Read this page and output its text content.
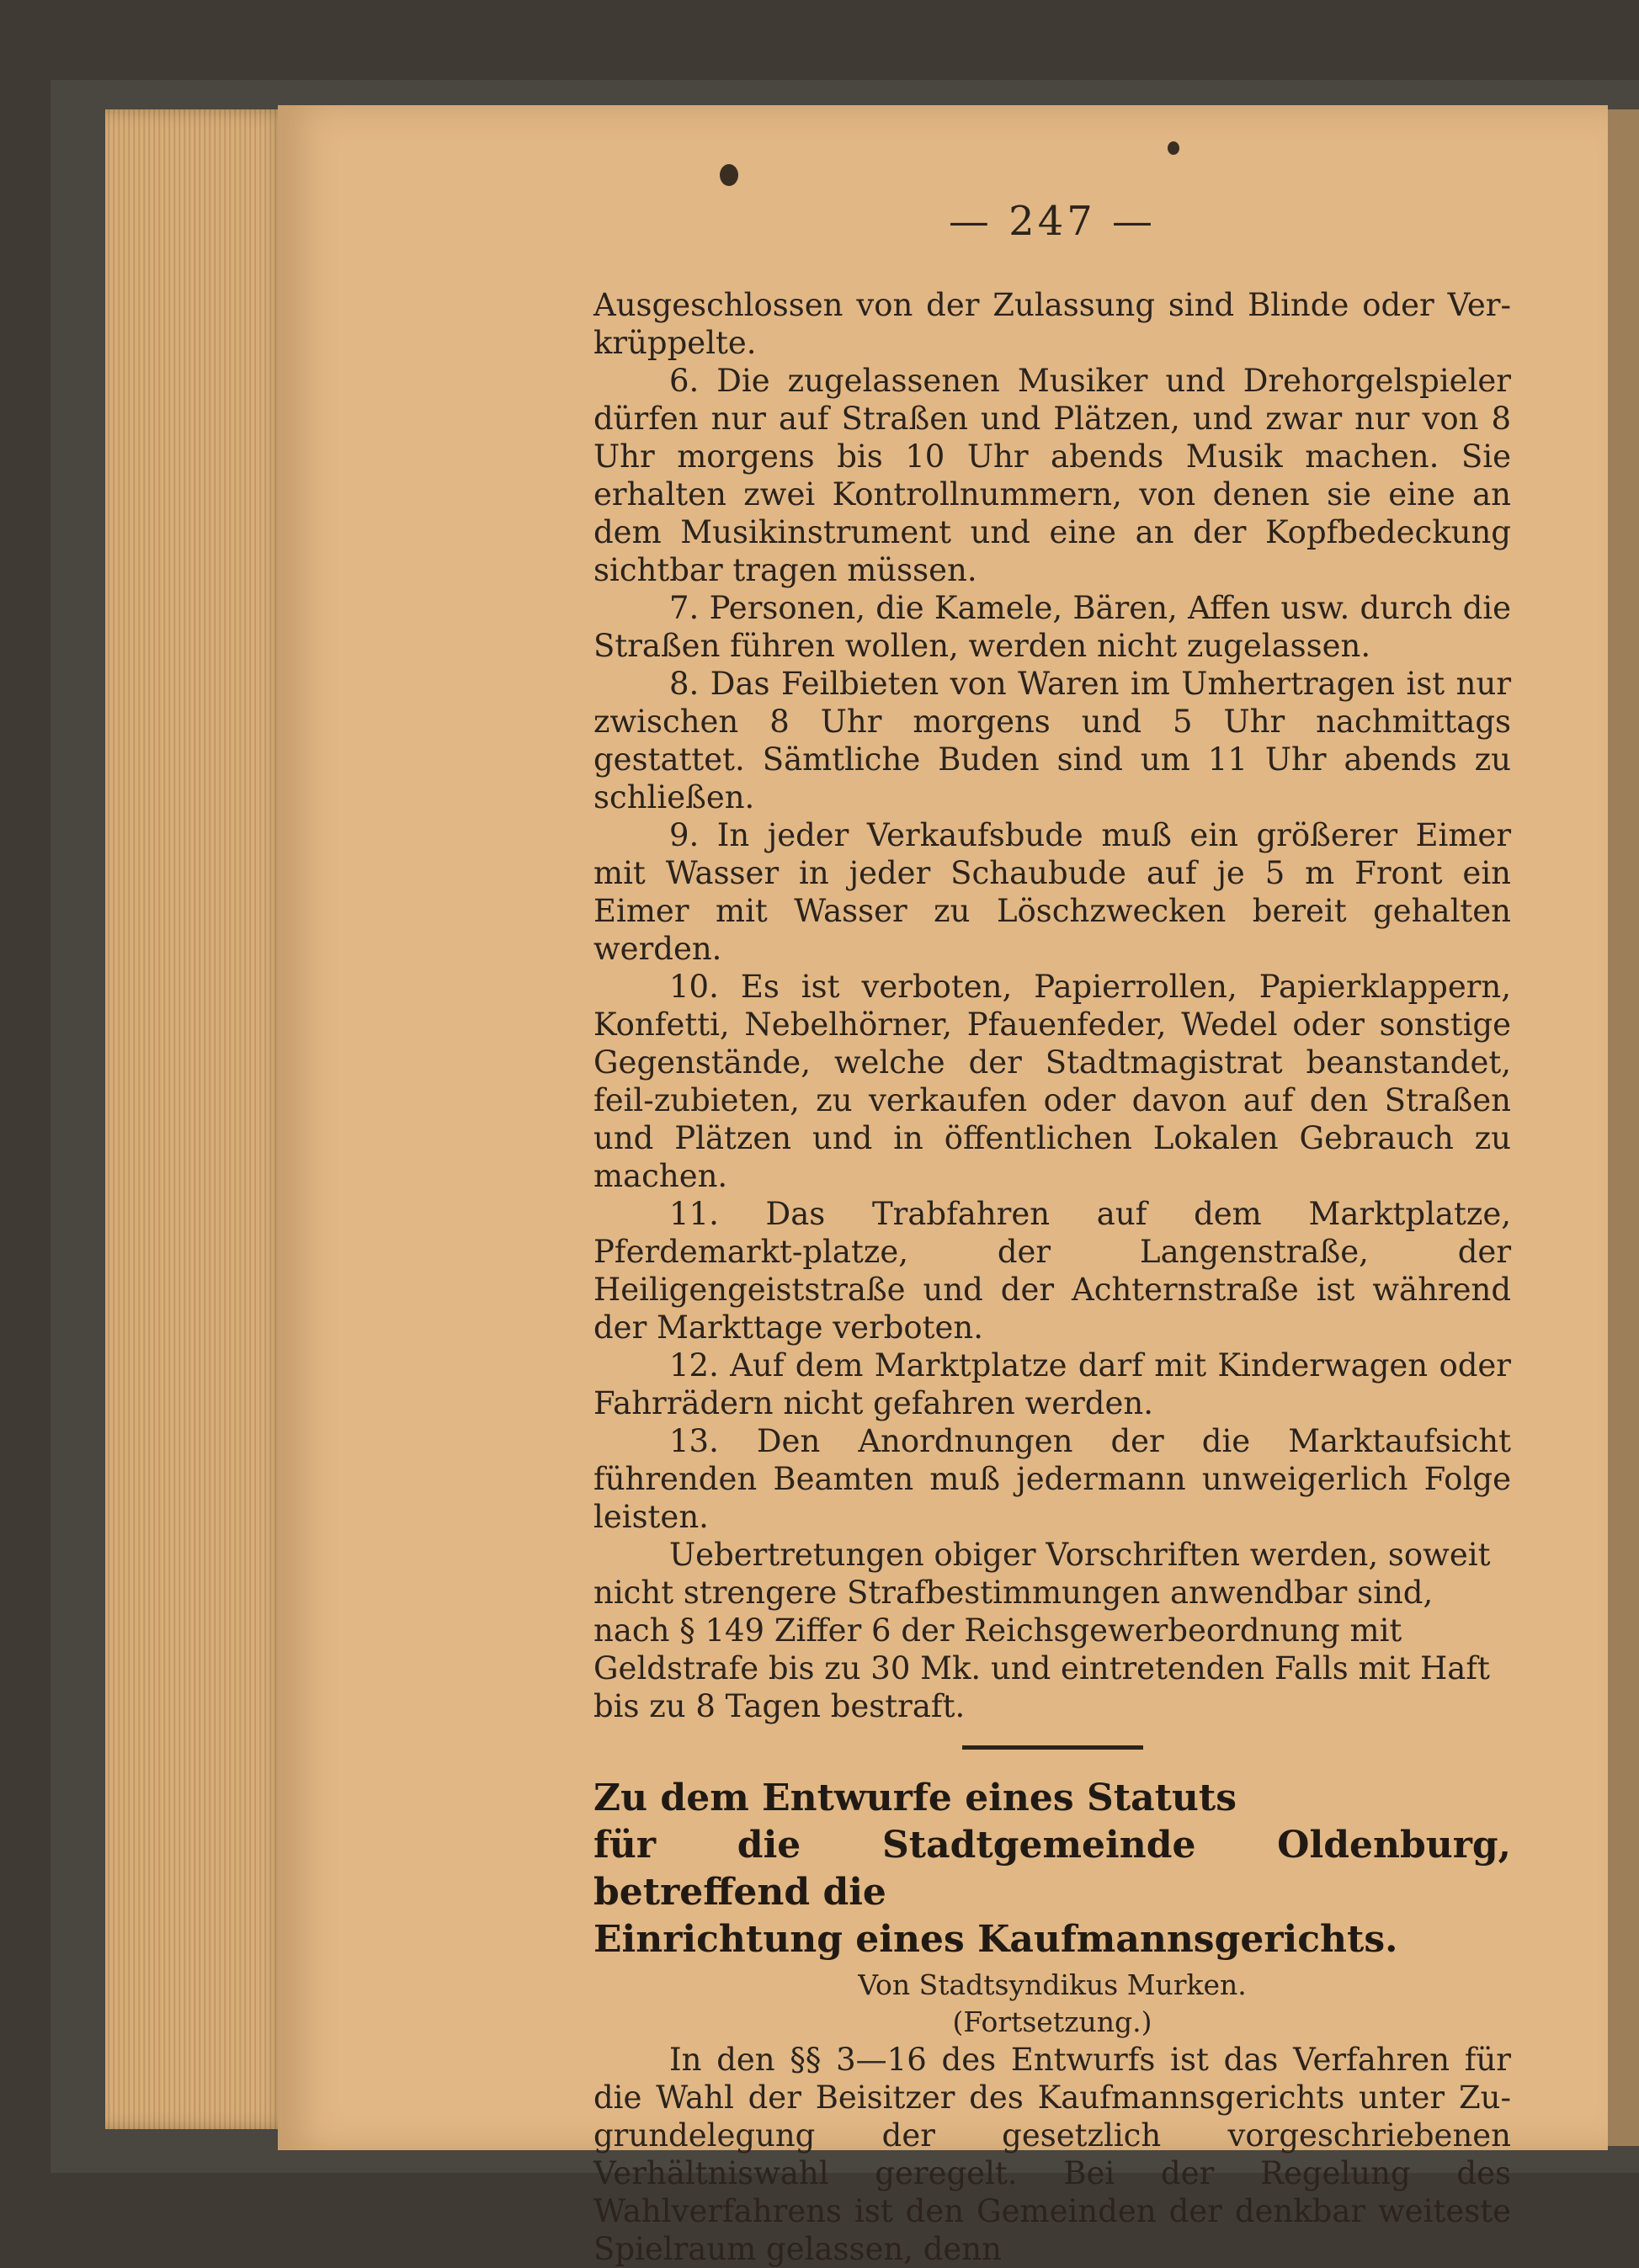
— 247 —

Ausgeschlossen von der Zulassung sind Blinde oder Ver-krüppelte.

6. Die zugelassenen Musiker und Drehorgelspieler dürfen nur auf Straßen und Plätzen, und zwar nur von 8 Uhr morgens bis 10 Uhr abends Musik machen. Sie erhalten zwei Kontrollnummern, von denen sie eine an dem Musikinstrument und eine an der Kopfbedeckung sichtbar tragen müssen.

7. Personen, die Kamele, Bären, Affen usw. durch die Straßen führen wollen, werden nicht zugelassen.

8. Das Feilbieten von Waren im Umhertragen ist nur zwischen 8 Uhr morgens und 5 Uhr nachmittags gestattet. Sämtliche Buden sind um 11 Uhr abends zu schließen.

9. In jeder Verkaufsbude muß ein größerer Eimer mit Wasser in jeder Schaubude auf je 5 m Front ein Eimer mit Wasser zu Löschzwecken bereit gehalten werden.

10. Es ist verboten, Papierrollen, Papierklappern, Konfetti, Nebelhörner, Pfauenfeder, Wedel oder sonstige Gegenstände, welche der Stadtmagistrat beanstandet, feil-zubieten, zu verkaufen oder davon auf den Straßen und Plätzen und in öffentlichen Lokalen Gebrauch zu machen.

11. Das Trabfahren auf dem Marktplatze, Pferdemarkt-platze, der Langenstraße, der Heiligengeiststraße und der Achternstraße ist während der Markttage verboten.

12. Auf dem Marktplatze darf mit Kinderwagen oder Fahrrädern nicht gefahren werden.

13. Den Anordnungen der die Marktaufsicht führenden Beamten muß jedermann unweigerlich Folge leisten.

Uebertretungen obiger Vorschriften werden, soweit nicht strengere Strafbestimmungen anwendbar sind, nach § 149 Ziffer 6 der Reichsgewerbeordnung mit Geldstrafe bis zu 30 Mk. und eintretenden Falls mit Haft bis zu 8 Tagen bestraft.

Zu dem Entwurfe eines Statuts

für die Stadtgemeinde Oldenburg, betreffend die

Einrichtung eines Kaufmannsgerichts.

Von Stadtsyndikus Murken.
(Fortsetzung.)

In den §§ 3—16 des Entwurfs ist das Verfahren für die Wahl der Beisitzer des Kaufmannsgerichts unter Zu-grundelegung der gesetzlich vorgeschriebenen Verhältniswahl geregelt. Bei der Regelung des Wahlverfahrens ist den Gemeinden der denkbar weiteste Spielraum gelassen, denn
